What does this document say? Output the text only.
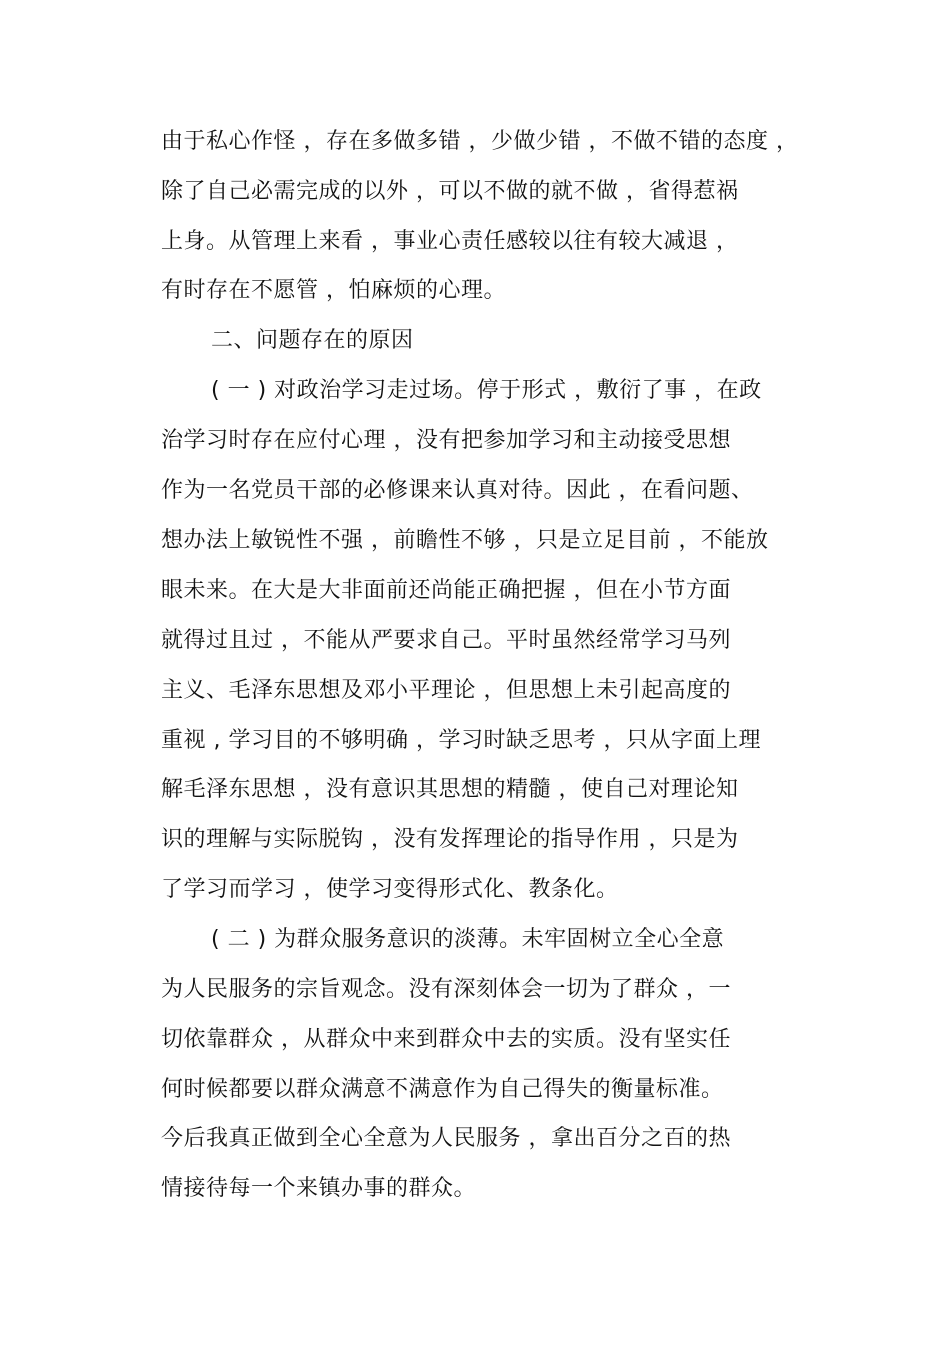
由于私心作怪 ，存在多做多错 ，少做少错 ，不做不错的态度 ，
除了自己必需完成的以外 ，可以不做的就不做 ，省得惹祸
上身。从管理上来看 ，事业心责任感较以往有较大减退 ，
有时存在不愿管 ，怕麻烦的心理。
二、问题存在的原因
( 一 ) 对政治学习走过场。停于形式 ，敷衍了事 ，在政
治学习时存在应付心理 ，没有把参加学习和主动接受思想
作为一名党员干部的必修课来认真对待。因此 ，在看问题、
想办法上敏锐性不强 ，前瞻性不够 ，只是立足目前 ，不能放
眼未来。在大是大非面前还尚能正确把握 ，但在小节方面
就得过且过 ，不能从严要求自己。平时虽然经常学习马列
主义、毛泽东思想及邓小平理论 ，但思想上未引起高度的
重视 , 学习目的不够明确 ，学习时缺乏思考 ，只从字面上理
解毛泽东思想 ，没有意识其思想的精髓 ，使自己对理论知
识的理解与实际脱钩 ，没有发挥理论的指导作用 ，只是为
了学习而学习 ，使学习变得形式化、教条化。
( 二 ) 为群众服务意识的淡薄。未牢固树立全心全意
为人民服务的宗旨观念。没有深刻体会一切为了群众 ，一
切依靠群众 ，从群众中来到群众中去的实质。没有坚实任
何时候都要以群众满意不满意作为自己得失的衡量标准。
今后我真正做到全心全意为人民服务 ，拿出百分之百的热
情接待每一个来镇办事的群众。
